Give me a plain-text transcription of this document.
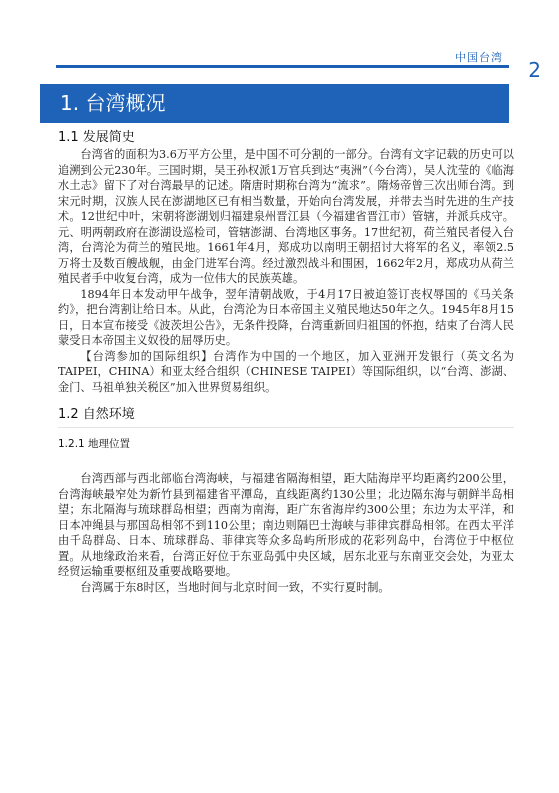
中国台湾
2
1. 台湾概况
1.1 发展简史

台湾省的面积为3.6万平方公里，是中国不可分割的一部分。台湾有文字记载的历史可以追溯到公元230年。三国时期，吴王孙权派1万官兵到达“夷洲”（今台湾），吴人沈莹的《临海水土志》留下了对台湾最早的记述。隋唐时期称台湾为“流求”。隋炀帝曾三次出师台湾。到宋元时期，汉族人民在澎湖地区已有相当数量，开始向台湾发展，并带去当时先进的生产技术。12世纪中叶，宋朝将澎湖划归福建泉州晋江县（今福建省晋江市）管辖，并派兵戍守。元、明两朝政府在澎湖设巡检司，管辖澎湖、台湾地区事务。17世纪初，荷兰殖民者侵入台湾，台湾沦为荷兰的殖民地。1661年4月，郑成功以南明王朝招讨大将军的名义，率领2.5万将士及数百艘战舰，由金门进军台湾。经过激烈战斗和围困，1662年2月，郑成功从荷兰殖民者手中收复台湾，成为一位伟大的民族英雄。

1894年日本发动甲午战争，翌年清朝战败，于4月17日被迫签订丧权辱国的《马关条约》，把台湾割让给日本。从此，台湾沦为日本帝国主义殖民地达50年之久。1945年8月15日，日本宣布接受《波茨坦公告》，无条件投降，台湾重新回归祖国的怀抱，结束了台湾人民蒙受日本帝国主义奴役的屈辱历史。

【台湾参加的国际组织】台湾作为中国的一个地区，加入亚洲开发银行（英文名为TAIPEI，CHINA）和亚太经合组织（CHINESE TAIPEI）等国际组织，以“台湾、澎湖、金门、马祖单独关税区”加入世界贸易组织。

1.2 自然环境
1.2.1 地理位置

台湾西部与西北部临台湾海峡，与福建省隔海相望，距大陆海岸平均距离约200公里，台湾海峡最窄处为新竹县到福建省平潭岛，直线距离约130公里；北边隔东海与朝鲜半岛相望；东北隔海与琉球群岛相望；西南为南海，距广东省海岸约300公里；东边为太平洋，和日本冲绳县与那国岛相邻不到110公里；南边则隔巴士海峡与菲律宾群岛相邻。在西太平洋由千岛群岛、日本、琉球群岛、菲律宾等众多岛屿所形成的花彩列岛中，台湾位于中枢位置。从地缘政治来看，台湾正好位于东亚岛弧中央区域，居东北亚与东南亚交会处，为亚太经贸运输重要枢纽及重要战略要地。

台湾属于东8时区，当地时间与北京时间一致，不实行夏时制。
